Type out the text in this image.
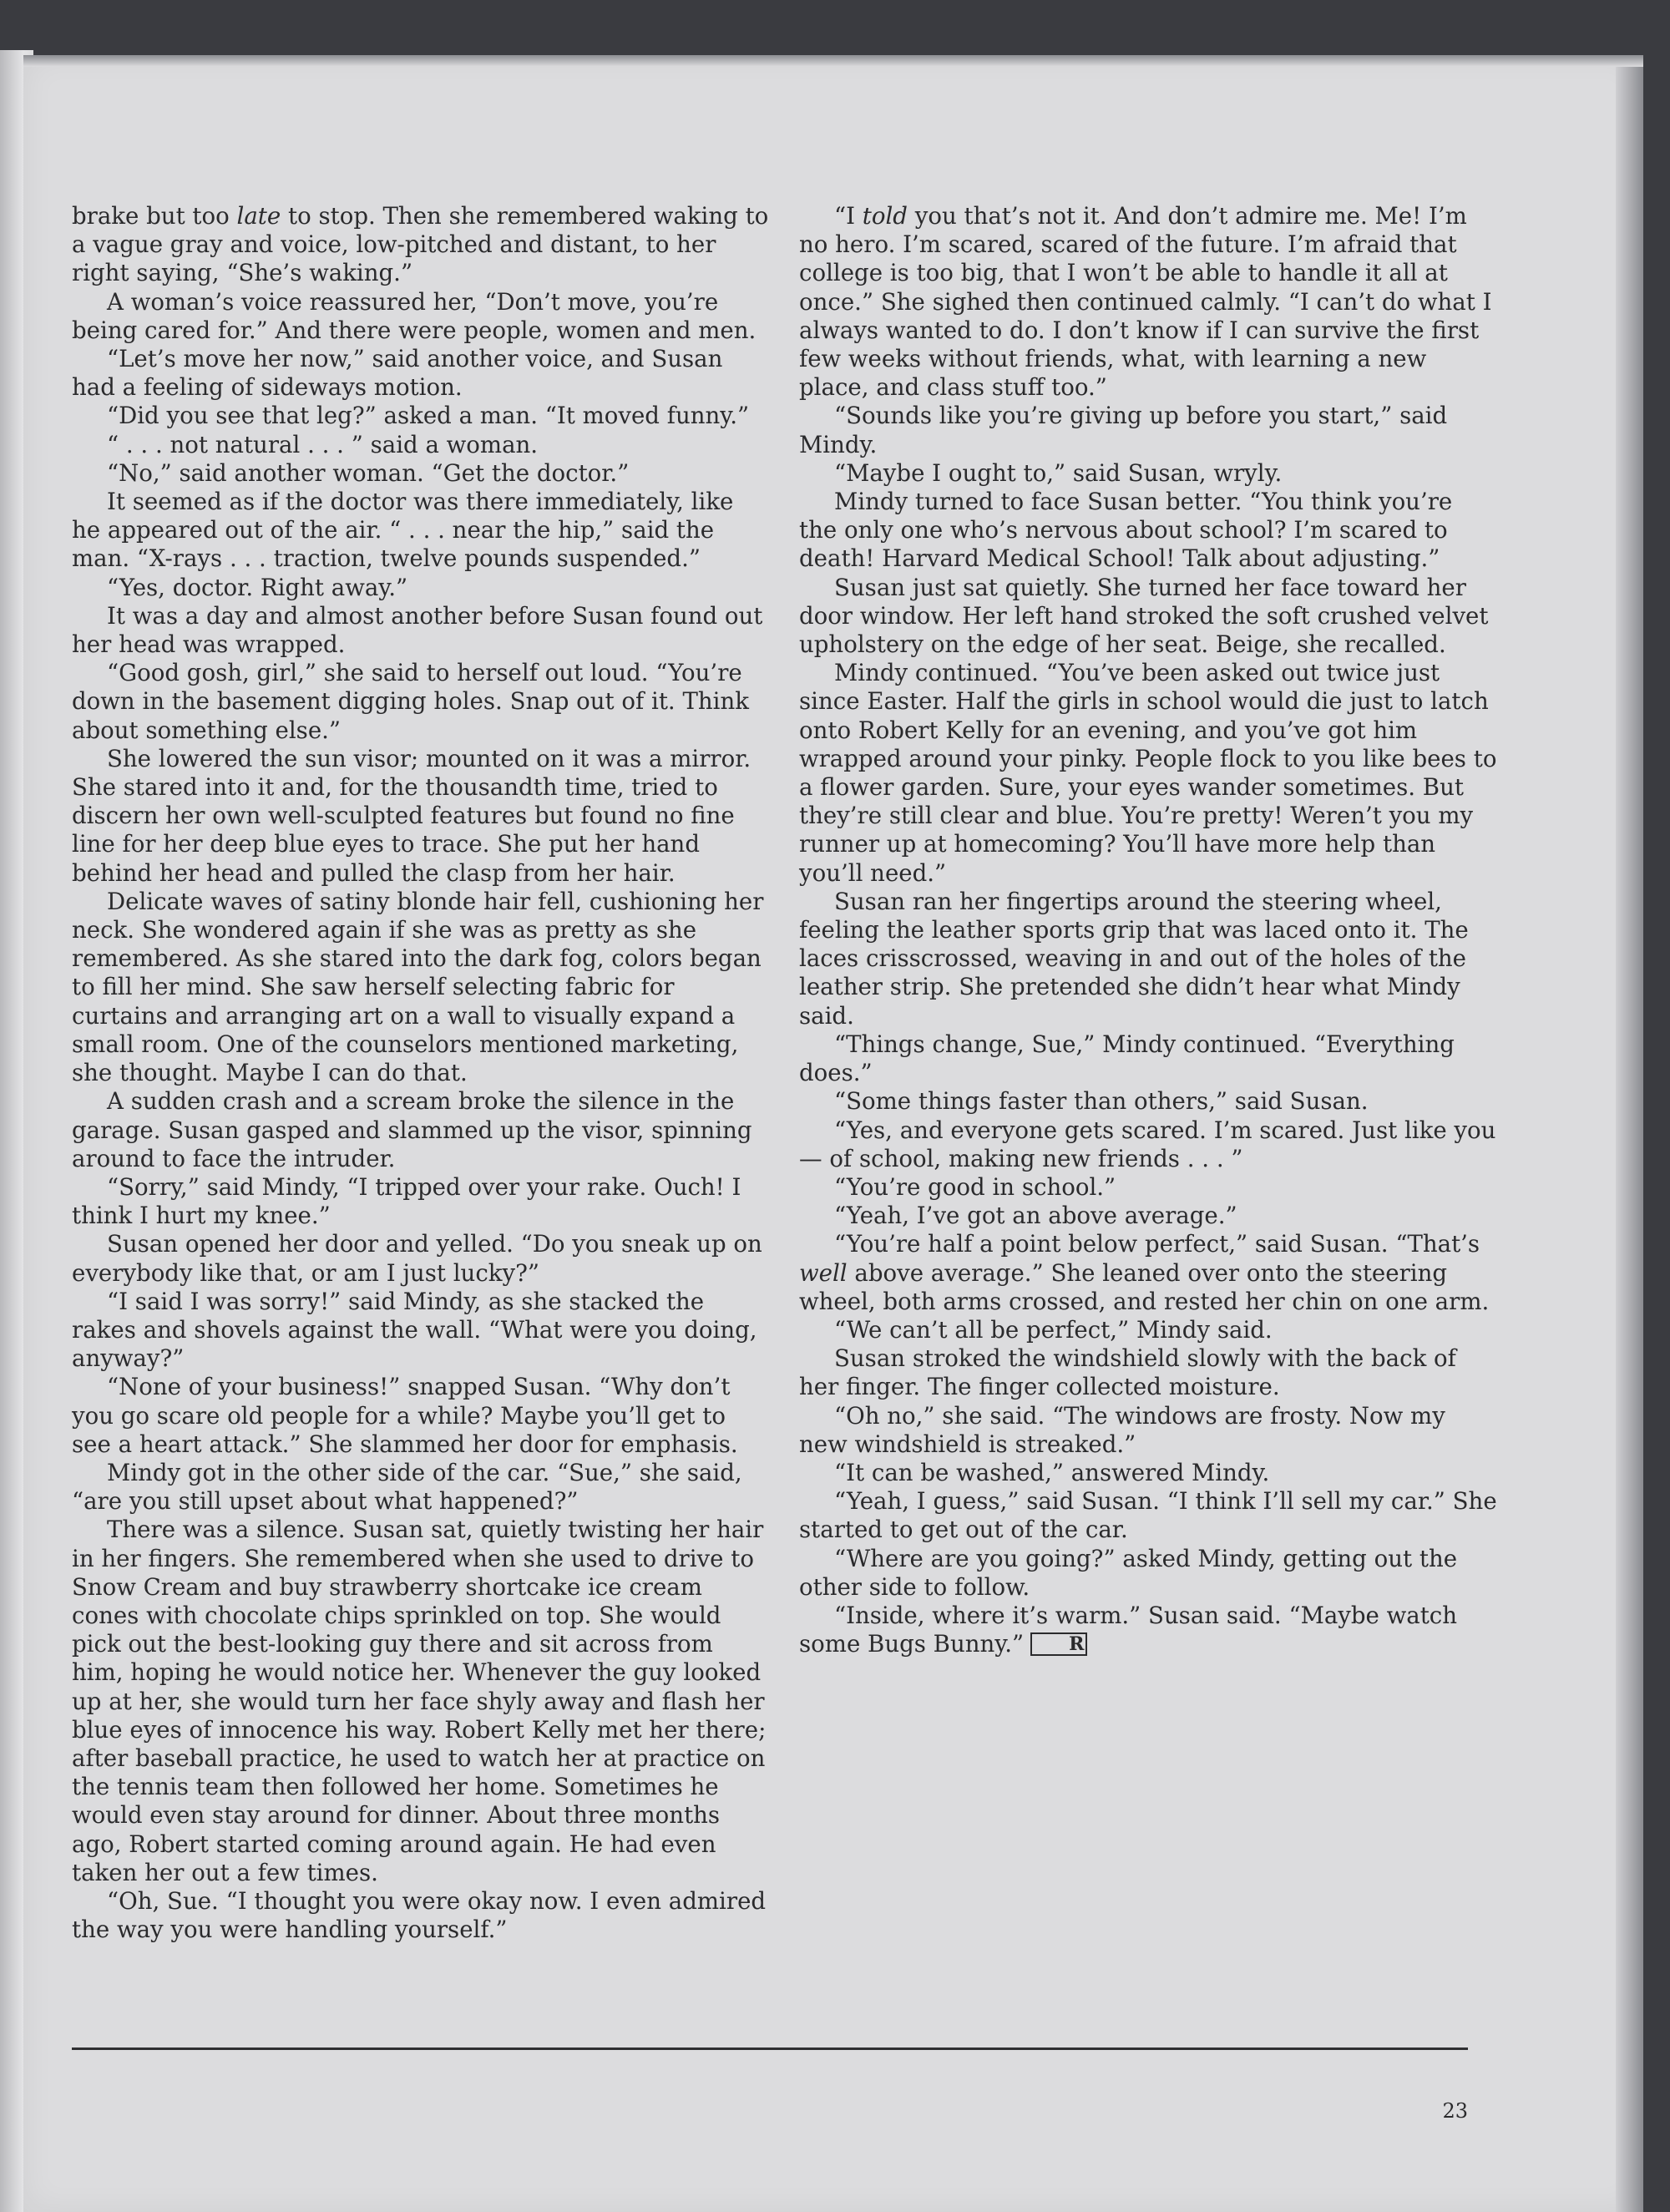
brake but too late to stop. Then she remembered waking to a vague gray and voice, low-pitched and distant, to her right saying, “She’s waking.”

A woman’s voice reassured her, “Don’t move, you’re being cared for.” And there were people, women and men.

“Let’s move her now,” said another voice, and Susan had a feeling of sideways motion.

“Did you see that leg?” asked a man. “It moved funny.”

“ . . . not natural . . . ” said a woman.

“No,” said another woman. “Get the doctor.”

It seemed as if the doctor was there immediately, like he appeared out of the air. “ . . . near the hip,” said the man. “X-rays . . . traction, twelve pounds suspended.”

“Yes, doctor. Right away.”

It was a day and almost another before Susan found out her head was wrapped.

“Good gosh, girl,” she said to herself out loud. “You’re down in the basement digging holes. Snap out of it. Think about something else.”

She lowered the sun visor; mounted on it was a mirror. She stared into it and, for the thousandth time, tried to discern her own well-sculpted features but found no fine line for her deep blue eyes to trace. She put her hand behind her head and pulled the clasp from her hair.

Delicate waves of satiny blonde hair fell, cushioning her neck. She wondered again if she was as pretty as she remembered. As she stared into the dark fog, colors began to fill her mind. She saw herself selecting fabric for curtains and arranging art on a wall to visually expand a small room. One of the counselors mentioned marketing, she thought. Maybe I can do that.

A sudden crash and a scream broke the silence in the garage. Susan gasped and slammed up the visor, spinning around to face the intruder.

“Sorry,” said Mindy, “I tripped over your rake. Ouch! I think I hurt my knee.”

Susan opened her door and yelled. “Do you sneak up on everybody like that, or am I just lucky?”

“I said I was sorry!” said Mindy, as she stacked the rakes and shovels against the wall. “What were you doing, anyway?”

“None of your business!” snapped Susan. “Why don’t you go scare old people for a while? Maybe you’ll get to see a heart attack.” She slammed her door for emphasis.

Mindy got in the other side of the car. “Sue,” she said, “are you still upset about what happened?”

There was a silence. Susan sat, quietly twisting her hair in her fingers. She remembered when she used to drive to Snow Cream and buy strawberry shortcake ice cream cones with chocolate chips sprinkled on top. She would pick out the best-looking guy there and sit across from him, hoping he would notice her. Whenever the guy looked up at her, she would turn her face shyly away and flash her blue eyes of innocence his way. Robert Kelly met her there; after baseball practice, he used to watch her at practice on the tennis team then followed her home. Sometimes he would even stay around for dinner. About three months ago, Robert started coming around again. He had even taken her out a few times.

“Oh, Sue. “I thought you were okay now. I even admired the way you were handling yourself.”

“I told you that’s not it. And don’t admire me. Me! I’m no hero. I’m scared, scared of the future. I’m afraid that college is too big, that I won’t be able to handle it all at once.” She sighed then continued calmly. “I can’t do what I always wanted to do. I don’t know if I can survive the first few weeks without friends, what, with learning a new place, and class stuff too.”

“Sounds like you’re giving up before you start,” said Mindy.

“Maybe I ought to,” said Susan, wryly.

Mindy turned to face Susan better. “You think you’re the only one who’s nervous about school? I’m scared to death! Harvard Medical School! Talk about adjusting.”

Susan just sat quietly. She turned her face toward her door window. Her left hand stroked the soft crushed velvet upholstery on the edge of her seat. Beige, she recalled.

Mindy continued. “You’ve been asked out twice just since Easter. Half the girls in school would die just to latch onto Robert Kelly for an evening, and you’ve got him wrapped around your pinky. People flock to you like bees to a flower garden. Sure, your eyes wander sometimes. But they’re still clear and blue. You’re pretty! Weren’t you my runner up at homecoming? You’ll have more help than you’ll need.”

Susan ran her fingertips around the steering wheel, feeling the leather sports grip that was laced onto it. The laces crisscrossed, weaving in and out of the holes of the leather strip. She pretended she didn’t hear what Mindy said.

“Things change, Sue,” Mindy continued. “Everything does.”

“Some things faster than others,” said Susan.

“Yes, and everyone gets scared. I’m scared. Just like you — of school, making new friends . . . ”

“You’re good in school.”

“Yeah, I’ve got an above average.”

“You’re half a point below perfect,” said Susan. “That’s well above average.” She leaned over onto the steering wheel, both arms crossed, and rested her chin on one arm.

“We can’t all be perfect,” Mindy said.

Susan stroked the windshield slowly with the back of her finger. The finger collected moisture.

“Oh no,” she said. “The windows are frosty. Now my new windshield is streaked.”

“It can be washed,” answered Mindy.

“Yeah, I guess,” said Susan. “I think I’ll sell my car.” She started to get out of the car.

“Where are you going?” asked Mindy, getting out the other side to follow.

“Inside, where it’s warm.” Susan said. “Maybe watch some Bugs Bunny.” R

23
